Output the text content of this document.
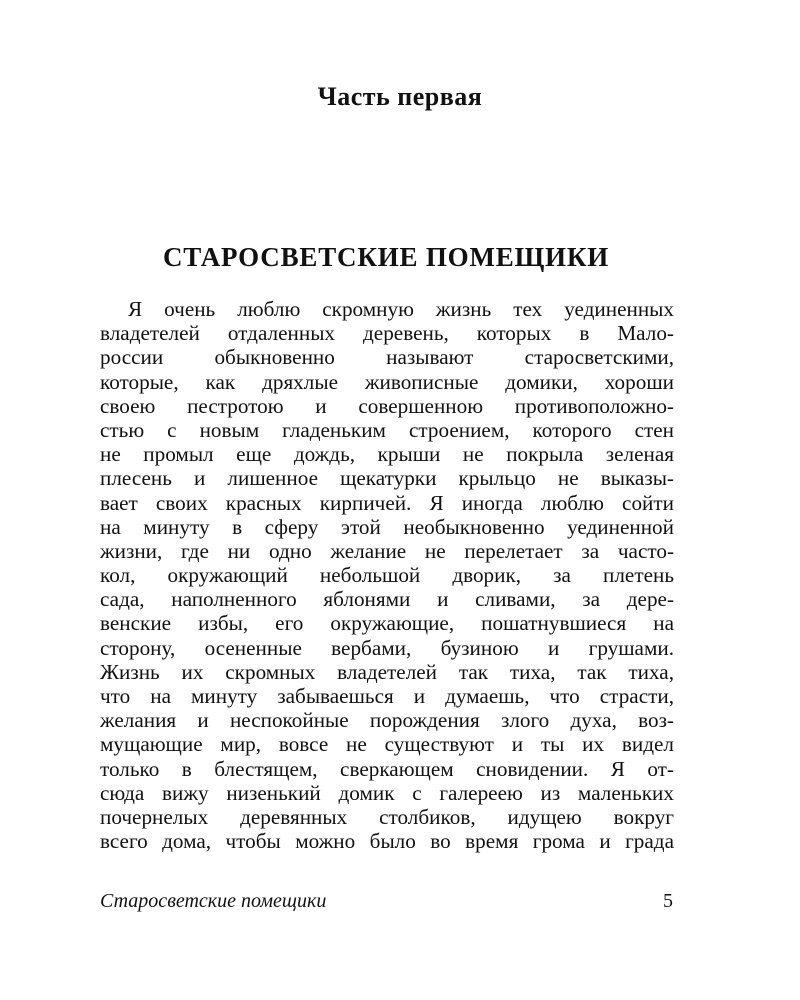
Часть первая
СТАРОСВЕТСКИЕ ПОМЕЩИКИ
Я очень люблю скромную жизнь тех уединенных
владетелей отдаленных деревень, которых в Мало-
россии обыкновенно называют старосветскими,
которые, как дряхлые живописные домики, хороши
своею пестротою и совершенною противоположно-
стью с новым гладеньким строением, которого стен
не промыл еще дождь, крыши не покрыла зеленая
плесень и лишенное щекатурки крыльцо не выказы-
вает своих красных кирпичей. Я иногда люблю сойти
на минуту в сферу этой необыкновенно уединенной
жизни, где ни одно желание не перелетает за часто-
кол, окружающий небольшой дворик, за плетень
сада, наполненного яблонями и сливами, за дере-
венские избы, его окружающие, пошатнувшиеся на
сторону, осененные вербами, бузиною и грушами.
Жизнь их скромных владетелей так тиха, так тиха,
что на минуту забываешься и думаешь, что страсти,
желания и неспокойные порождения злого духа, воз-
мущающие мир, вовсе не существуют и ты их видел
только в блестящем, сверкающем сновидении. Я от-
сюда вижу низенький домик с галереею из маленьких
почернелых деревянных столбиков, идущею вокруг
всего дома, чтобы можно было во время грома и града
Старосветские помещики	5
